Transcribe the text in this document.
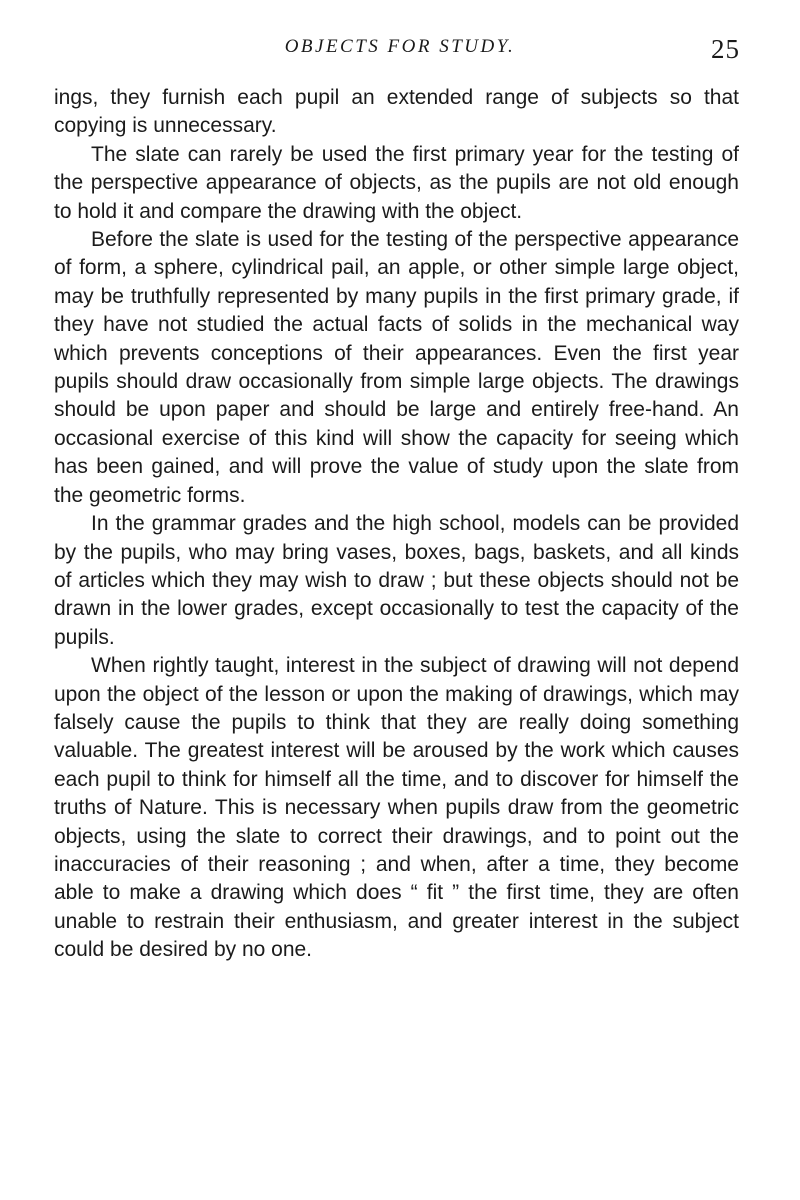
OBJECTS FOR STUDY.	25

ings, they furnish each pupil an extended range of subjects so that copying is unnecessary.

The slate can rarely be used the first primary year for the testing of the perspective appearance of objects, as the pupils are not old enough to hold it and compare the drawing with the object.

Before the slate is used for the testing of the perspective appearance of form, a sphere, cylindrical pail, an apple, or other simple large object, may be truthfully represented by many pupils in the first primary grade, if they have not studied the actual facts of solids in the mechanical way which prevents conceptions of their appearances. Even the first year pupils should draw occasionally from simple large objects. The drawings should be upon paper and should be large and entirely free-hand. An occasional exercise of this kind will show the capacity for seeing which has been gained, and will prove the value of study upon the slate from the geometric forms.

In the grammar grades and the high school, models can be provided by the pupils, who may bring vases, boxes, bags, baskets, and all kinds of articles which they may wish to draw ; but these objects should not be drawn in the lower grades, except occasionally to test the capacity of the pupils.

When rightly taught, interest in the subject of drawing will not depend upon the object of the lesson or upon the making of drawings, which may falsely cause the pupils to think that they are really doing something valuable. The greatest interest will be aroused by the work which causes each pupil to think for himself all the time, and to discover for himself the truths of Nature. This is necessary when pupils draw from the geometric objects, using the slate to correct their drawings, and to point out the inaccuracies of their reasoning ; and when, after a time, they become able to make a drawing which does “ fit ” the first time, they are often unable to restrain their enthusiasm, and greater interest in the subject could be desired by no one.
